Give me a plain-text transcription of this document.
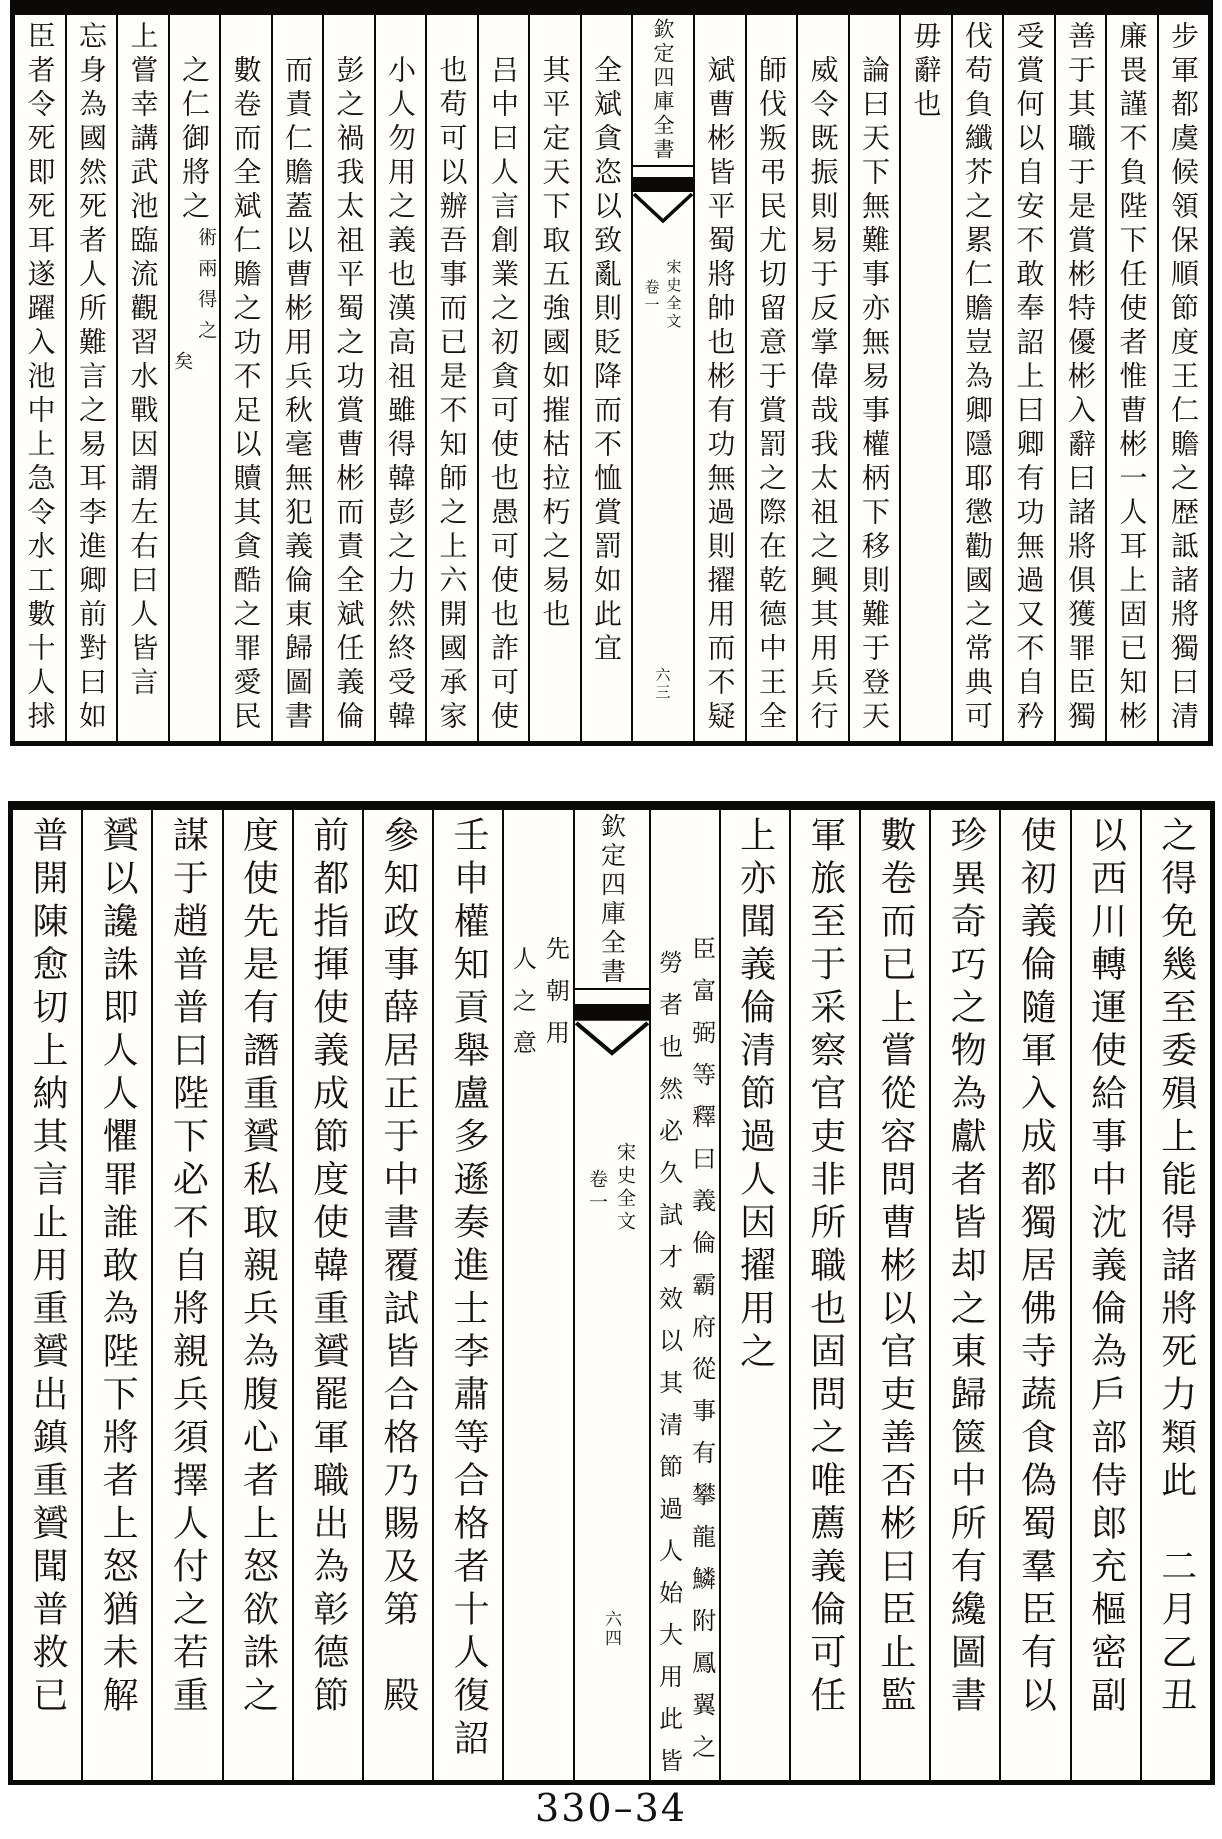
步軍都虞候領保順節度王仁贍之歴詆諸將獨曰清
廉畏謹不負陛下任使者惟曹彬一人耳上固已知彬
善于其職于是賞彬特優彬入辭曰諸將俱獲罪臣獨
受賞何以自安不敢奉詔上曰卿有功無過又不自矜
伐苟負纖芥之累仁贍豈為卿隱耶懲勸國之常典可
毋辭也
論曰天下無難事亦無易事權柄下移則難于登天
威令既振則易于反掌偉哉我太祖之興其用兵行
師伐叛弔民尤切留意于賞罰之際在乾德中王全
斌曹彬皆平蜀將帥也彬有功無過則擢用而不疑
欽定四庫全書
宋史全文
卷一
六三
全斌貪恣以致亂則貶降而不恤賞罰如此宜
其平定天下取五強國如摧枯拉朽之易也
吕中曰人言創業之初貪可使也愚可使也詐可使
也苟可以辦吾事而已是不知師之上六開國承家
小人勿用之義也漢高祖雖得韓彭之力然終受韓
彭之禍我太祖平蜀之功賞曹彬而責全斌任義倫
而責仁贍蓋以曹彬用兵秋毫無犯義倫東歸圖書
數卷而全斌仁贍之功不足以贖其貪酷之罪愛民
之仁御將之
術兩得之
矣
上嘗幸講武池臨流觀習水戰因謂左右曰人皆言
忘身為國然死者人所難言之易耳李進卿前對曰如
臣者令死即死耳遂躍入池中上急令水工數十人捄
之得免幾至委殞上能得諸將死力類此　二月乙丑
以西川轉運使給事中沈義倫為戶部侍郎充樞密副
使初義倫隨軍入成都獨居佛寺蔬食偽蜀羣臣有以
珍異奇巧之物為獻者皆却之東歸篋中所有纔圖書
數卷而已上嘗從容問曹彬以官吏善否彬曰臣止監
軍旅至于采察官吏非所職也固問之唯薦義倫可任
上亦聞義倫清節過人因擢用之
臣富弼等釋曰義倫霸府從事有攀龍鱗附鳳翼之
勞者也然必久試才效以其清節過人始大用此皆
欽定四庫全書
宋史全文
卷一
六四
先朝用
人之意
壬申權知貢舉盧多遜奏進士李肅等合格者十人復詔
參知政事薛居正于中書覆試皆合格乃賜及第　殿
前都指揮使義成節度使韓重贇罷軍職出為彰德節
度使先是有譖重贇私取親兵為腹心者上怒欲誅之
謀于趙普普曰陛下必不自將親兵須擇人付之若重
贇以讒誅即人人懼罪誰敢為陛下將者上怒猶未解
普開陳愈切上納其言止用重贇出鎮重贇聞普救已
330–34
